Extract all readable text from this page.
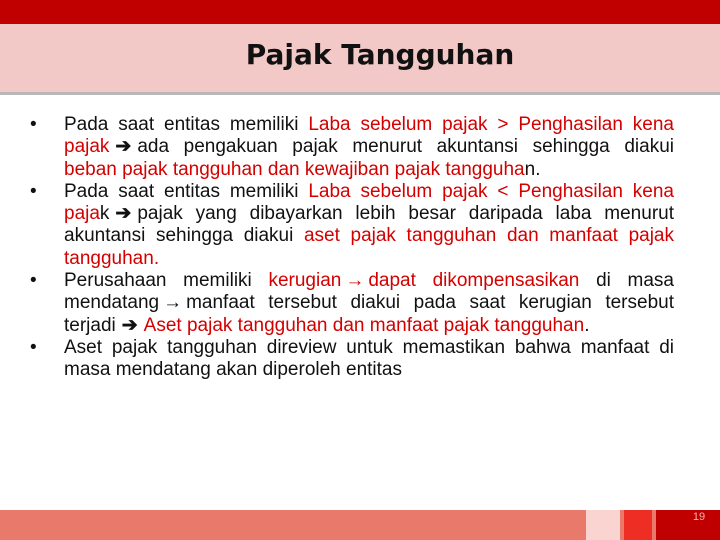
Pajak Tangguhan
• Pada saat entitas memiliki Laba sebelum pajak > Penghasilan kena pajak ➔ ada pengakuan pajak menurut akuntansi sehingga diakui beban pajak tangguhan dan kewajiban pajak tangguhan.
• Pada saat entitas memiliki Laba sebelum pajak < Penghasilan kena pajak ➔ pajak yang dibayarkan lebih besar daripada laba menurut akuntansi sehingga diakui aset pajak tangguhan dan manfaat pajak tangguhan.
• Perusahaan memiliki kerugian → dapat dikompensasikan di masa mendatang → manfaat tersebut diakui pada saat kerugian tersebut terjadi ➔ Aset pajak tangguhan dan manfaat pajak tangguhan.
• Aset pajak tangguhan direview untuk memastikan bahwa manfaat di masa mendatang akan diperoleh entitas
19
